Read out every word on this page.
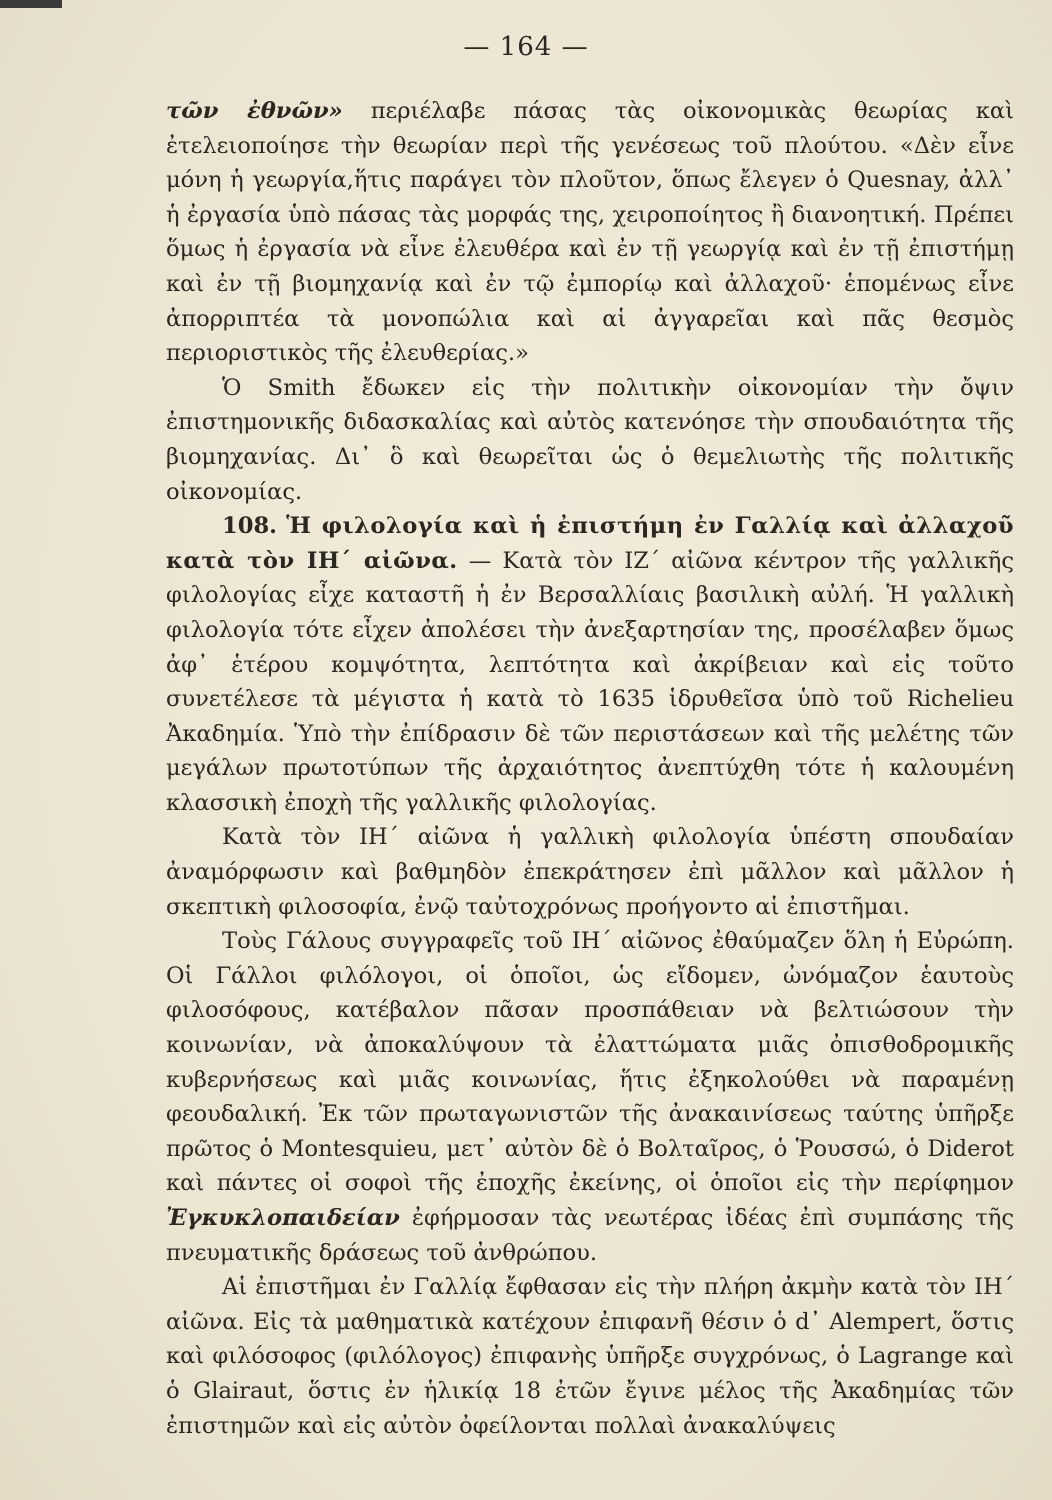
— 164 —

τῶν ἐθνῶν» περιέλαβε πάσας τὰς οἰκονομικὰς θεωρίας καὶ ἐτελειοποίησε τὴν θεωρίαν περὶ τῆς γενέσεως τοῦ πλούτου. «Δὲν εἶνε μόνη ἡ γεωργία,ἥτις παράγει τὸν πλοῦτον, ὅπως ἔλεγεν ὁ Quesnay, ἀλλ᾽ ἡ ἐργασία ὑπὸ πάσας τὰς μορφάς της, χειροποίητος ἢ διανοητική. Πρέπει ὅμως ἡ ἐργασία νὰ εἶνε ἐλευθέρα καὶ ἐν τῇ γεωργίᾳ καὶ ἐν τῇ ἐπιστήμῃ καὶ ἐν τῇ βιομηχανίᾳ καὶ ἐν τῷ ἐμπορίῳ καὶ ἀλλαχοῦ· ἑπομένως εἶνε ἀπορριπτέα τὰ μονοπώλια καὶ αἱ ἀγγαρεῖαι καὶ πᾶς θεσμὸς περιοριστικὸς τῆς ἐλευθερίας.»

Ὁ Smith ἔδωκεν εἰς τὴν πολιτικὴν οἰκονομίαν τὴν ὄψιν ἐπιστημονικῆς διδασκαλίας καὶ αὐτὸς κατενόησε τὴν σπουδαιότητα τῆς βιομηχανίας. Δι᾽ ὃ καὶ θεωρεῖται ὡς ὁ θεμελιωτὴς τῆς πολιτικῆς οἰκονομίας.

108. Ἡ φιλολογία καὶ ἡ ἐπιστήμη ἐν Γαλλίᾳ καὶ ἀλλαχοῦ κατὰ τὸν ΙΗ΄ αἰῶνα. — Κατὰ τὸν ΙΖ΄ αἰῶνα κέντρον τῆς γαλλικῆς φιλολογίας εἶχε καταστῆ ἡ ἐν Βερσαλλίαις βασιλικὴ αὐλή. Ἡ γαλλικὴ φιλολογία τότε εἶχεν ἀπολέσει τὴν ἀνεξαρτησίαν της, προσέλαβεν ὅμως ἀφ᾽ ἑτέρου κομψότητα, λεπτότητα καὶ ἀκρίβειαν καὶ εἰς τοῦτο συνετέλεσε τὰ μέγιστα ἡ κατὰ τὸ 1635 ἱδρυθεῖσα ὑπὸ τοῦ Richelieu Ἀκαδημία. Ὑπὸ τὴν ἐπίδρασιν δὲ τῶν περιστάσεων καὶ τῆς μελέτης τῶν μεγάλων πρωτοτύπων τῆς ἀρχαιότητος ἀνεπτύχθη τότε ἡ καλουμένη κλασσικὴ ἐποχὴ τῆς γαλλικῆς φιλολογίας.

Κατὰ τὸν ΙΗ΄ αἰῶνα ἡ γαλλικὴ φιλολογία ὑπέστη σπουδαίαν ἀναμόρφωσιν καὶ βαθμηδὸν ἐπεκράτησεν ἐπὶ μᾶλλον καὶ μᾶλλον ἡ σκεπτικὴ φιλοσοφία, ἐνῷ ταὐτοχρόνως προήγοντο αἱ ἐπιστῆμαι.

Τοὺς Γάλους συγγραφεῖς τοῦ ΙΗ΄ αἰῶνος ἐθαύμαζεν ὅλη ἡ Εὐρώπη. Οἱ Γάλλοι φιλόλογοι, οἱ ὁποῖοι, ὡς εἴδομεν, ὠνόμαζον ἑαυτοὺς φιλοσόφους, κατέβαλον πᾶσαν προσπάθειαν νὰ βελτιώσουν τὴν κοινωνίαν, νὰ ἀποκαλύψουν τὰ ἐλαττώματα μιᾶς ὀπισθοδρομικῆς κυβερνήσεως καὶ μιᾶς κοινωνίας, ἥτις ἐξηκολούθει νὰ παραμένῃ φεουδαλική. Ἐκ τῶν πρωταγωνιστῶν τῆς ἀνακαινίσεως ταύτης ὑπῆρξε πρῶτος ὁ Montesquieu, μετ᾽ αὐτὸν δὲ ὁ Βολταῖρος, ὁ Ῥουσσώ, ὁ Diderot καὶ πάντες οἱ σοφοὶ τῆς ἐποχῆς ἐκείνης, οἱ ὁποῖοι εἰς τὴν περίφημον Ἐγκυκλοπαιδείαν ἐφήρμοσαν τὰς νεωτέρας ἰδέας ἐπὶ συμπάσης τῆς πνευματικῆς δράσεως τοῦ ἀνθρώπου.

Αἱ ἐπιστῆμαι ἐν Γαλλίᾳ ἔφθασαν εἰς τὴν πλήρη ἀκμὴν κατὰ τὸν ΙΗ΄ αἰῶνα. Εἰς τὰ μαθηματικὰ κατέχουν ἐπιφανῆ θέσιν ὁ d᾽ Alempert, ὅστις καὶ φιλόσοφος (φιλόλογος) ἐπιφανὴς ὑπῆρξε συγχρόνως, ὁ Lagrange καὶ ὁ Glairaut, ὅστις ἐν ἡλικίᾳ 18 ἐτῶν ἔγινε μέλος τῆς Ἀκαδημίας τῶν ἐπιστημῶν καὶ εἰς αὐτὸν ὀφείλονται πολλαὶ ἀνακαλύψεις
